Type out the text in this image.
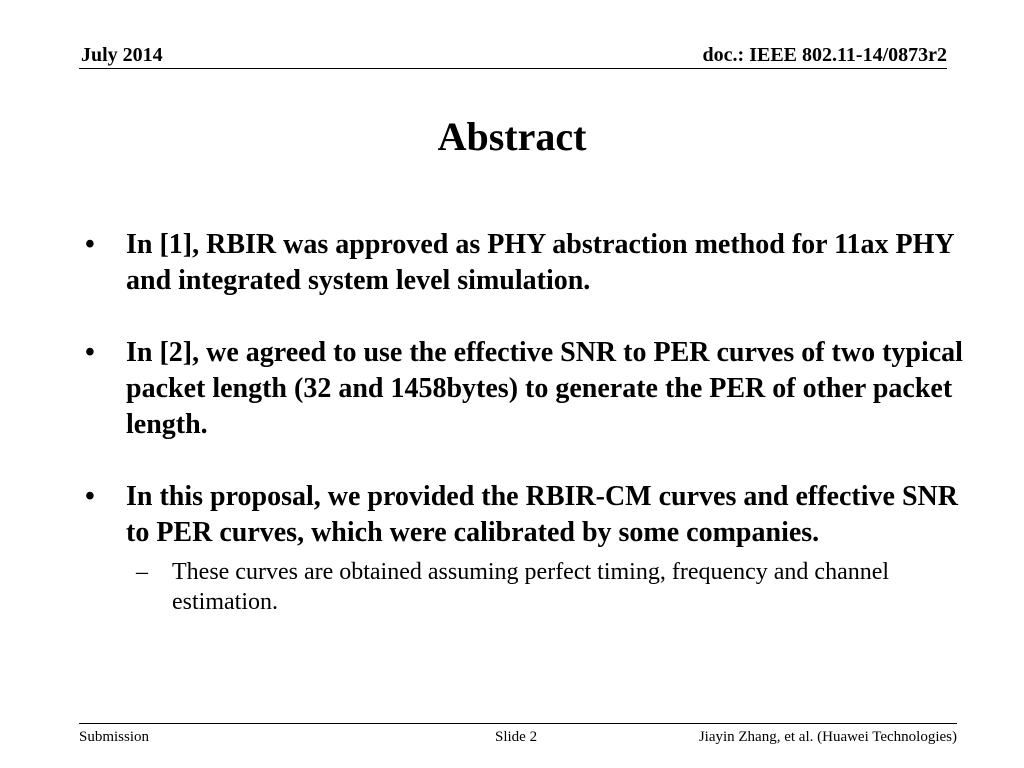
July 2014	doc.: IEEE 802.11-14/0873r2
Abstract
• In [1], RBIR was approved as PHY abstraction method for 11ax PHY and integrated system level simulation.
• In [2], we agreed to use the effective SNR to PER curves of two typical packet length (32 and 1458bytes) to generate the PER of other packet length.
• In this proposal, we provided the RBIR-CM curves and effective SNR to PER curves, which were calibrated by some companies.
– These curves are obtained assuming perfect timing, frequency and channel estimation.
Submission	Slide 2	Jiayin Zhang, et al. (Huawei Technologies)
